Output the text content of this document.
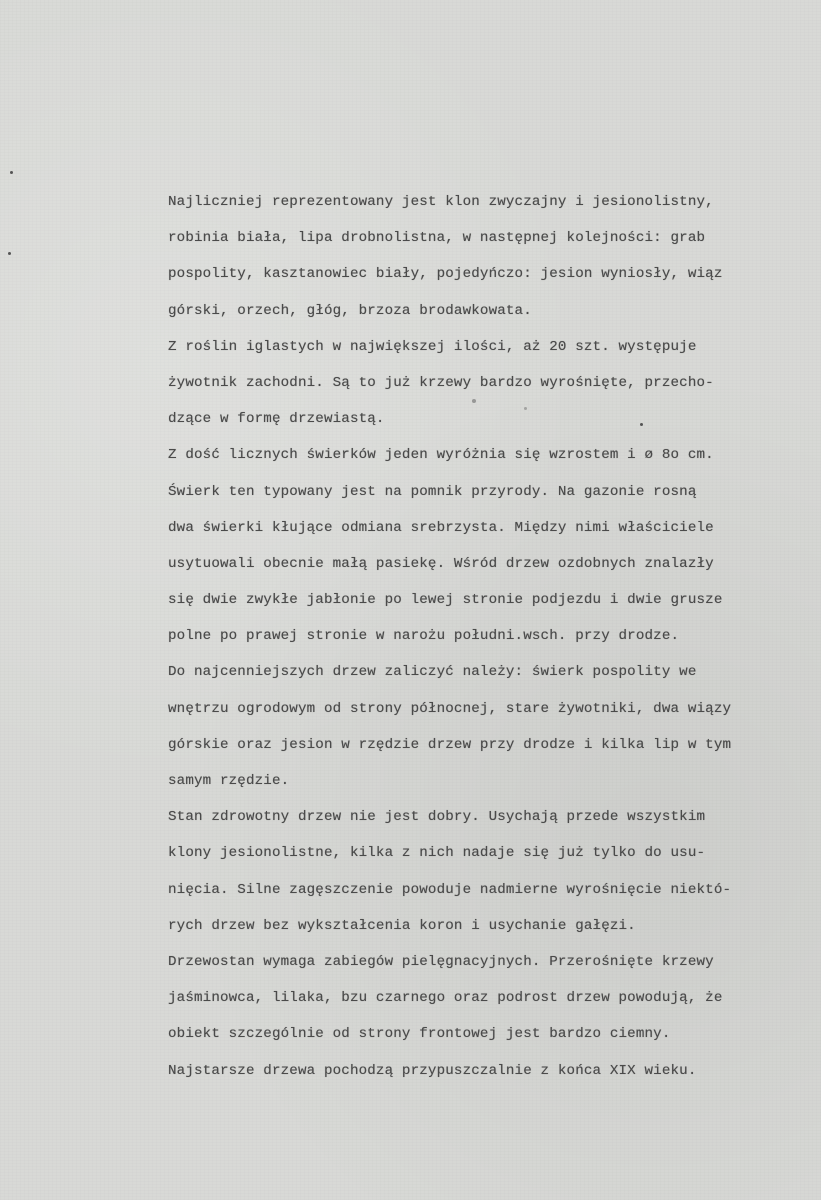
Najliczniej reprezentowany jest klon zwyczajny i jesionolistny,
robinia biała, lipa drobnolistna, w następnej kolejności: grab
pospolity, kasztanowiec biały, pojedyńczo: jesion wyniosły, wiąz
górski, orzech, głóg, brzoza brodawkowata.
Z roślin iglastych w największej ilości, aż 20 szt. występuje
żywotnik zachodni. Są to już krzewy bardzo wyrośnięte, przecho-
dzące w formę drzewiastą.
Z dość licznych świerków jeden wyróżnia się wzrostem i ø 8o cm.
Świerk ten typowany jest na pomnik przyrody. Na gazonie rosną
dwa świerki kłujące odmiana srebrzysta. Między nimi właściciele
usytuowali obecnie małą pasiekę. Wśród drzew ozdobnych znalazły
się dwie zwykłe jabłonie po lewej stronie podjezdu i dwie grusze
polne po prawej stronie w narożu południ.wsch. przy drodze.
Do najcenniejszych drzew zaliczyć należy: świerk pospolity we
wnętrzu ogrodowym od strony północnej, stare żywotniki, dwa wiązy
górskie oraz jesion w rzędzie drzew przy drodze i kilka lip w tym
samym rzędzie.
Stan zdrowotny drzew nie jest dobry. Usychają przede wszystkim
klony jesionolistne, kilka z nich nadaje się już tylko do usu-
nięcia. Silne zagęszczenie powoduje nadmierne wyrośnięcie niektó-
rych drzew bez wykształcenia koron i usychanie gałęzi.
Drzewostan wymaga zabiegów pielęgnacyjnych. Przerośnięte krzewy
jaśminowca, lilaka, bzu czarnego oraz podrost drzew powodują, że
obiekt szczególnie od strony frontowej jest bardzo ciemny.
Najstarsze drzewa pochodzą przypuszczalnie z końca XIX wieku.
